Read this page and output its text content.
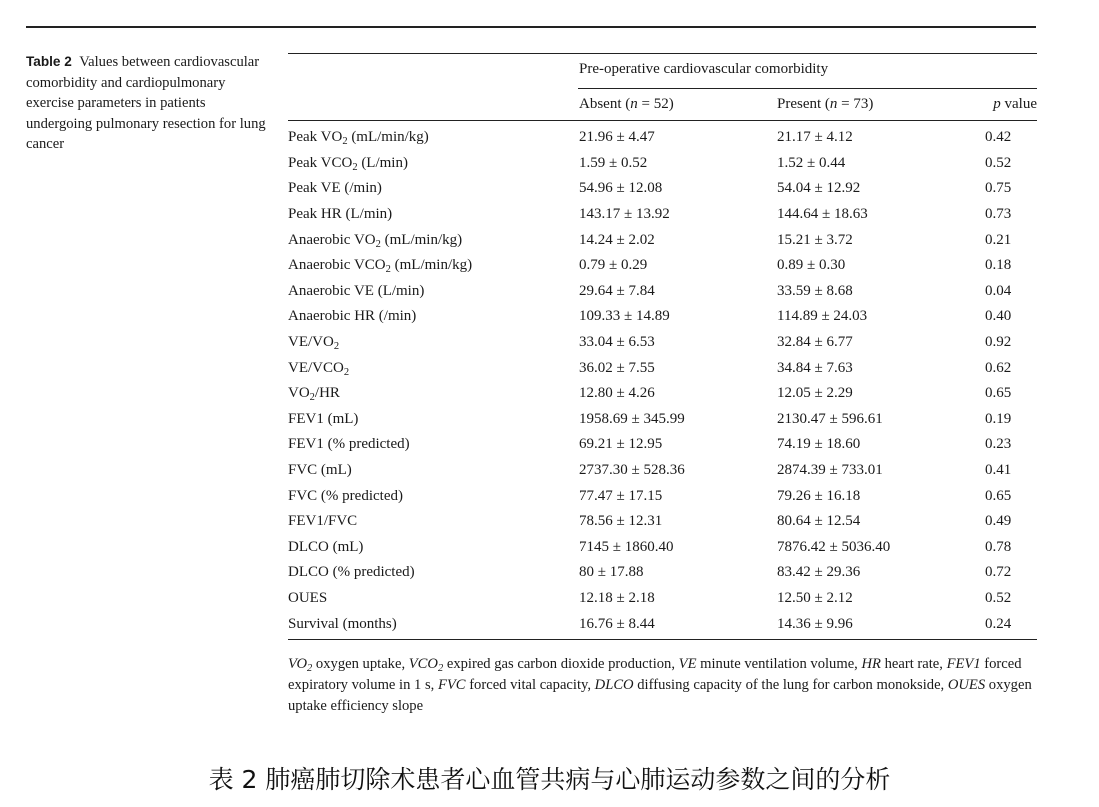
Table 2 Values between cardiovascular comorbidity and cardiopulmonary exercise parameters in patients undergoing pulmonary resection for lung cancer
Pre-operative cardiovascular comorbidity
Absent (n = 52)	Present (n = 73)	p value
Peak $VO_2$ (mL/min/kg)	21.96 ± 4.47	21.17 ± 4.12	0.42
Peak $VCO_2$ (L/min)	1.59 ± 0.52	1.52 ± 0.44	0.52
Peak VE (/min)	54.96 ± 12.08	54.04 ± 12.92	0.75
Peak HR (L/min)	143.17 ± 13.92	144.64 ± 18.63	0.73
Anaerobic $VO_2$ (mL/min/kg)	14.24 ± 2.02	15.21 ± 3.72	0.21
Anaerobic $VCO_2$ (mL/min/kg)	0.79 ± 0.29	0.89 ± 0.30	0.18
Anaerobic VE (L/min)	29.64 ± 7.84	33.59 ± 8.68	0.04
Anaerobic HR (/min)	109.33 ± 14.89	114.89 ± 24.03	0.40
$VE/VO_2$	33.04 ± 6.53	32.84 ± 6.77	0.92
$VE/VCO_2$	36.02 ± 7.55	34.84 ± 7.63	0.62
$VO_2/HR$	12.80 ± 4.26	12.05 ± 2.29	0.65
FEV1 (mL)	1958.69 ± 345.99	2130.47 ± 596.61	0.19
FEV1 (% predicted)	69.21 ± 12.95	74.19 ± 18.60	0.23
FVC (mL)	2737.30 ± 528.36	2874.39 ± 733.01	0.41
FVC (% predicted)	77.47 ± 17.15	79.26 ± 16.18	0.65
FEV1/FVC	78.56 ± 12.31	80.64 ± 12.54	0.49
DLCO (mL)	7145 ± 1860.40	7876.42 ± 5036.40	0.78
DLCO (% predicted)	80 ± 17.88	83.42 ± 29.36	0.72
OUES	12.18 ± 2.18	12.50 ± 2.12	0.52
Survival (months)	16.76 ± 8.44	14.36 ± 9.96	0.24
$VO_2$ oxygen uptake, $VCO_2$ expired gas carbon dioxide production, VE minute ventilation volume, HR heart rate, FEV1 forced expiratory volume in 1 s, FVC forced vital capacity, DLCO diffusing capacity of the lung for carbon monokside, OUES oxygen uptake efficiency slope
表 2 肺癌肺切除术患者心血管共病与心肺运动参数之间的分析
